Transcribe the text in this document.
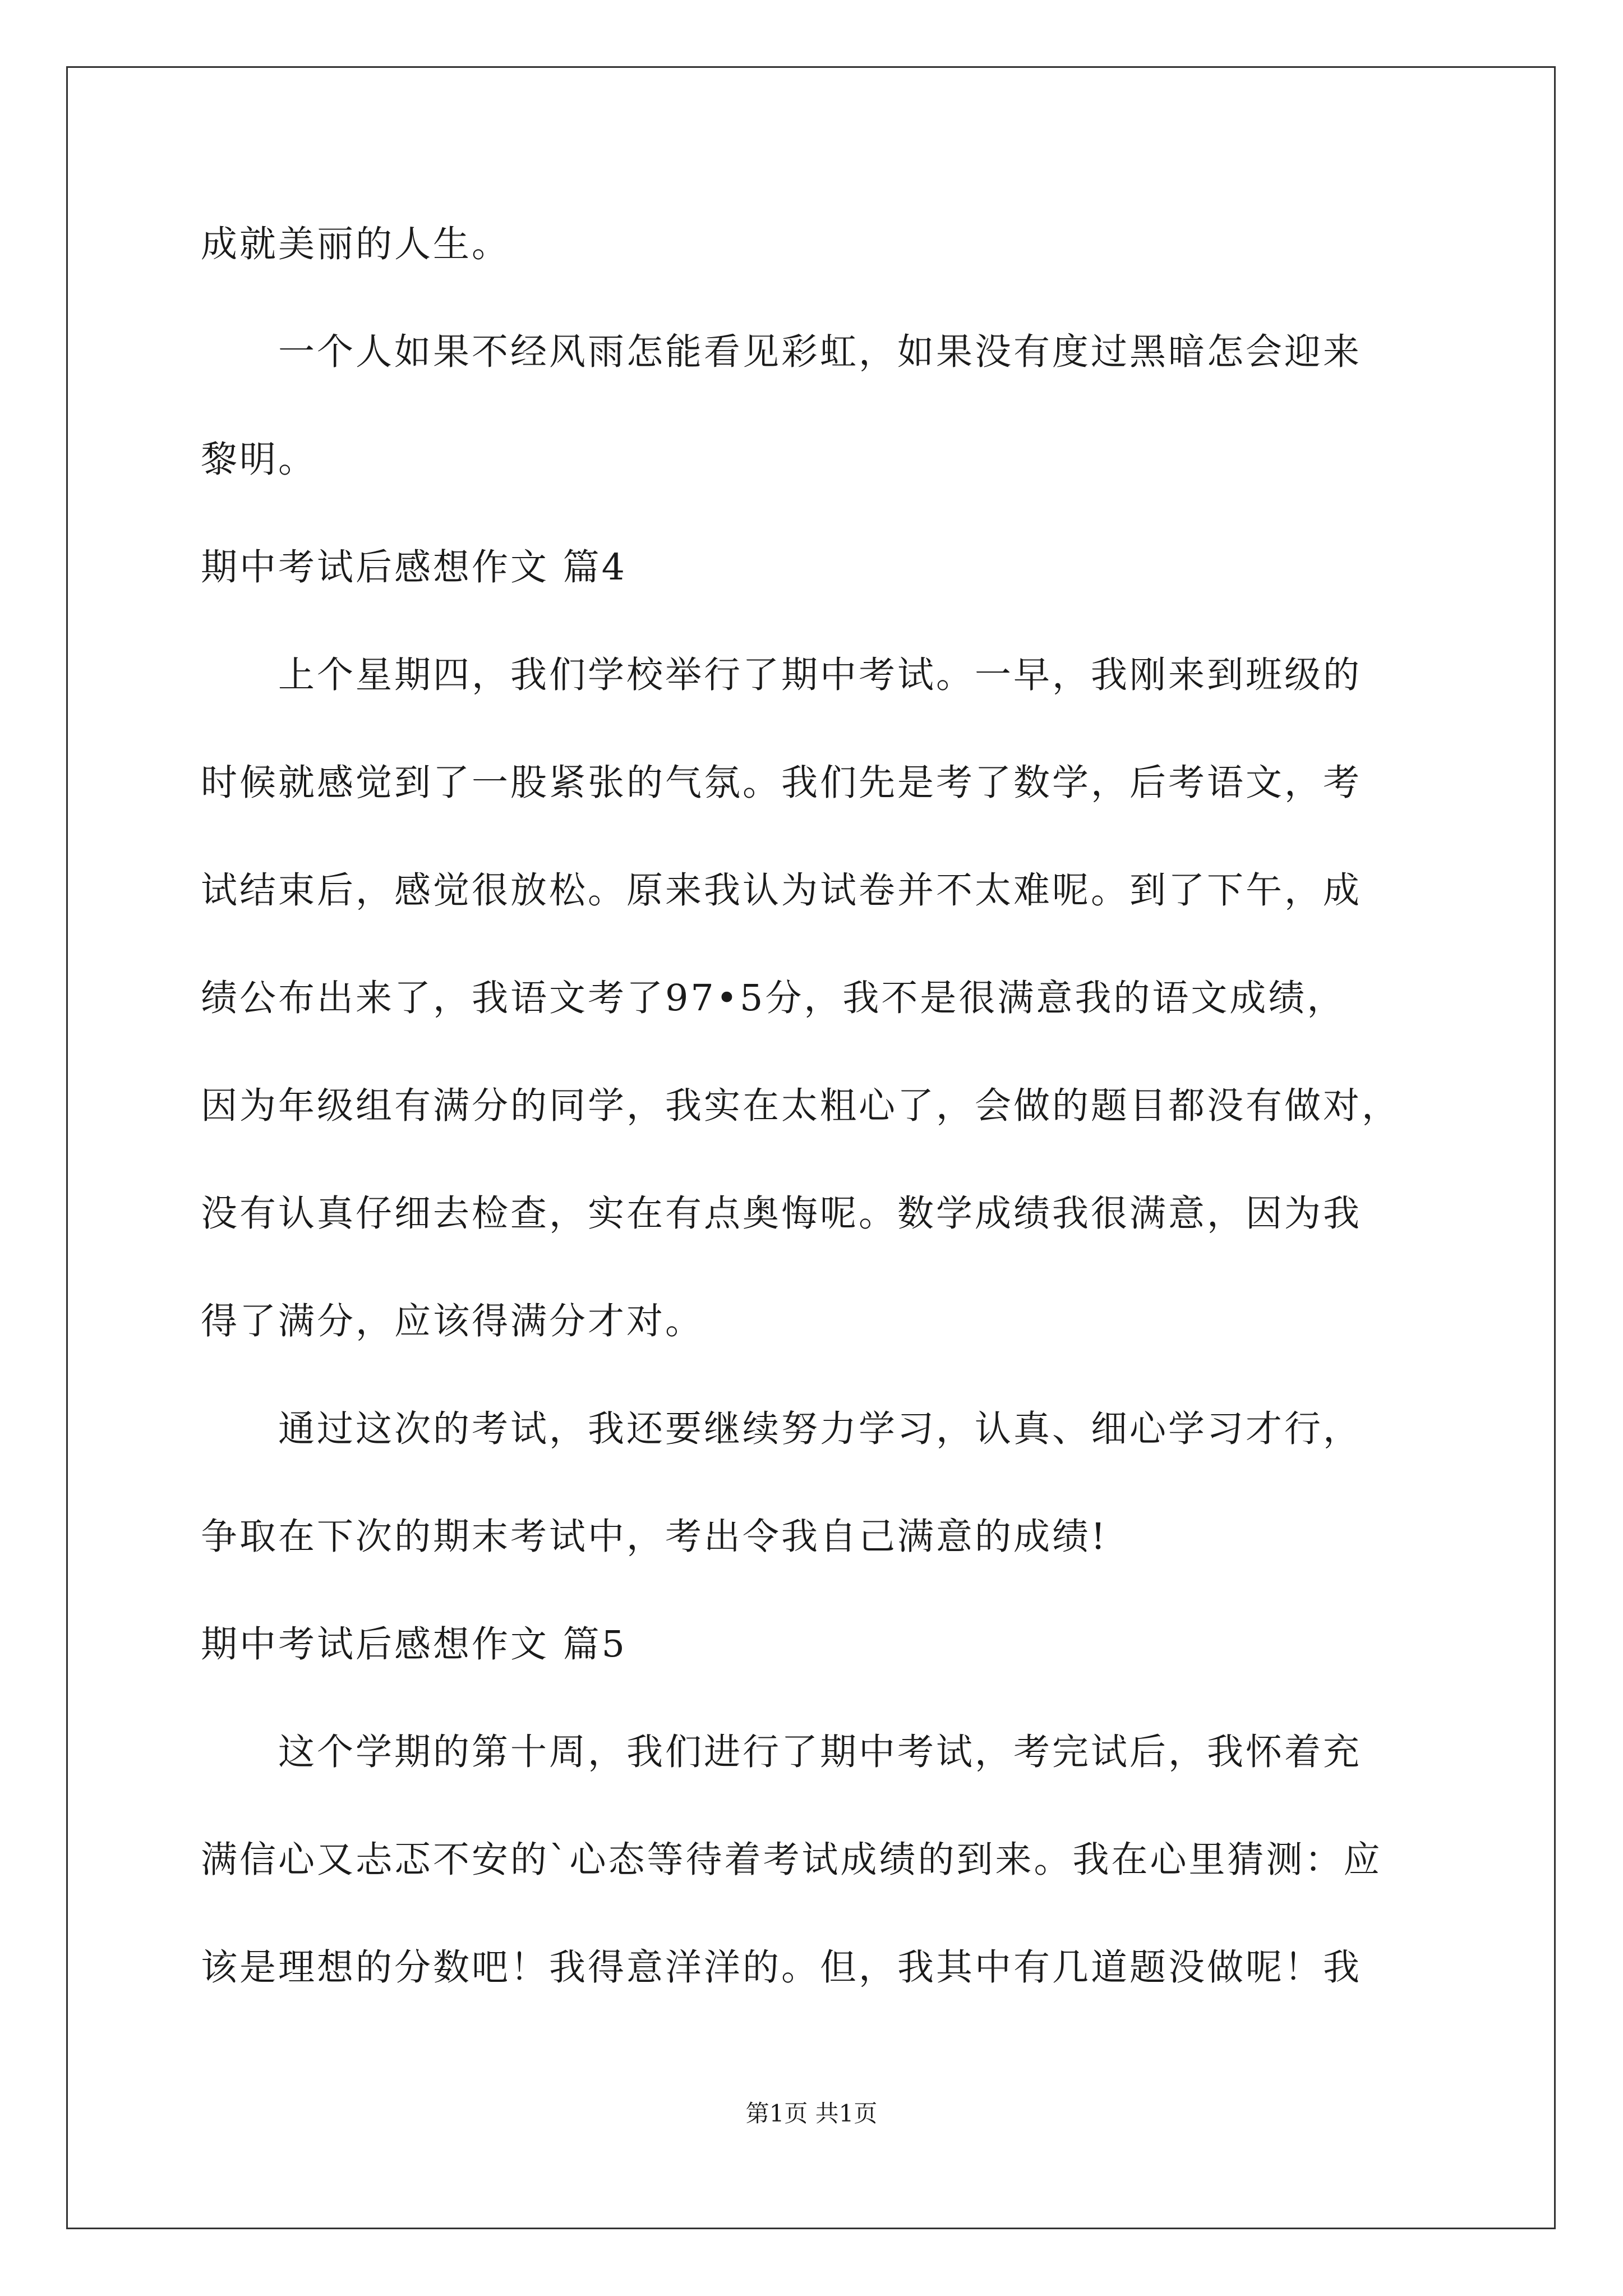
成就美丽的人生。
一个人如果不经风雨怎能看见彩虹，如果没有度过黑暗怎会迎来
黎明。
期中考试后感想作文 篇4
上个星期四，我们学校举行了期中考试。一早，我刚来到班级的
时候就感觉到了一股紧张的气氛。我们先是考了数学，后考语文，考
试结束后，感觉很放松。原来我认为试卷并不太难呢。到了下午，成
绩公布出来了，我语文考了97•5分，我不是很满意我的语文成绩，
因为年级组有满分的同学，我实在太粗心了，会做的题目都没有做对，
没有认真仔细去检查，实在有点奥悔呢。数学成绩我很满意，因为我
得了满分，应该得满分才对。
通过这次的考试，我还要继续努力学习，认真、细心学习才行，
争取在下次的期末考试中，考出令我自己满意的成绩!
期中考试后感想作文 篇5
这个学期的第十周，我们进行了期中考试，考完试后，我怀着充
满信心又忐忑不安的`心态等待着考试成绩的到来。我在心里猜测：应
该是理想的分数吧！我得意洋洋的。但，我其中有几道题没做呢！我
第1页 共1页
